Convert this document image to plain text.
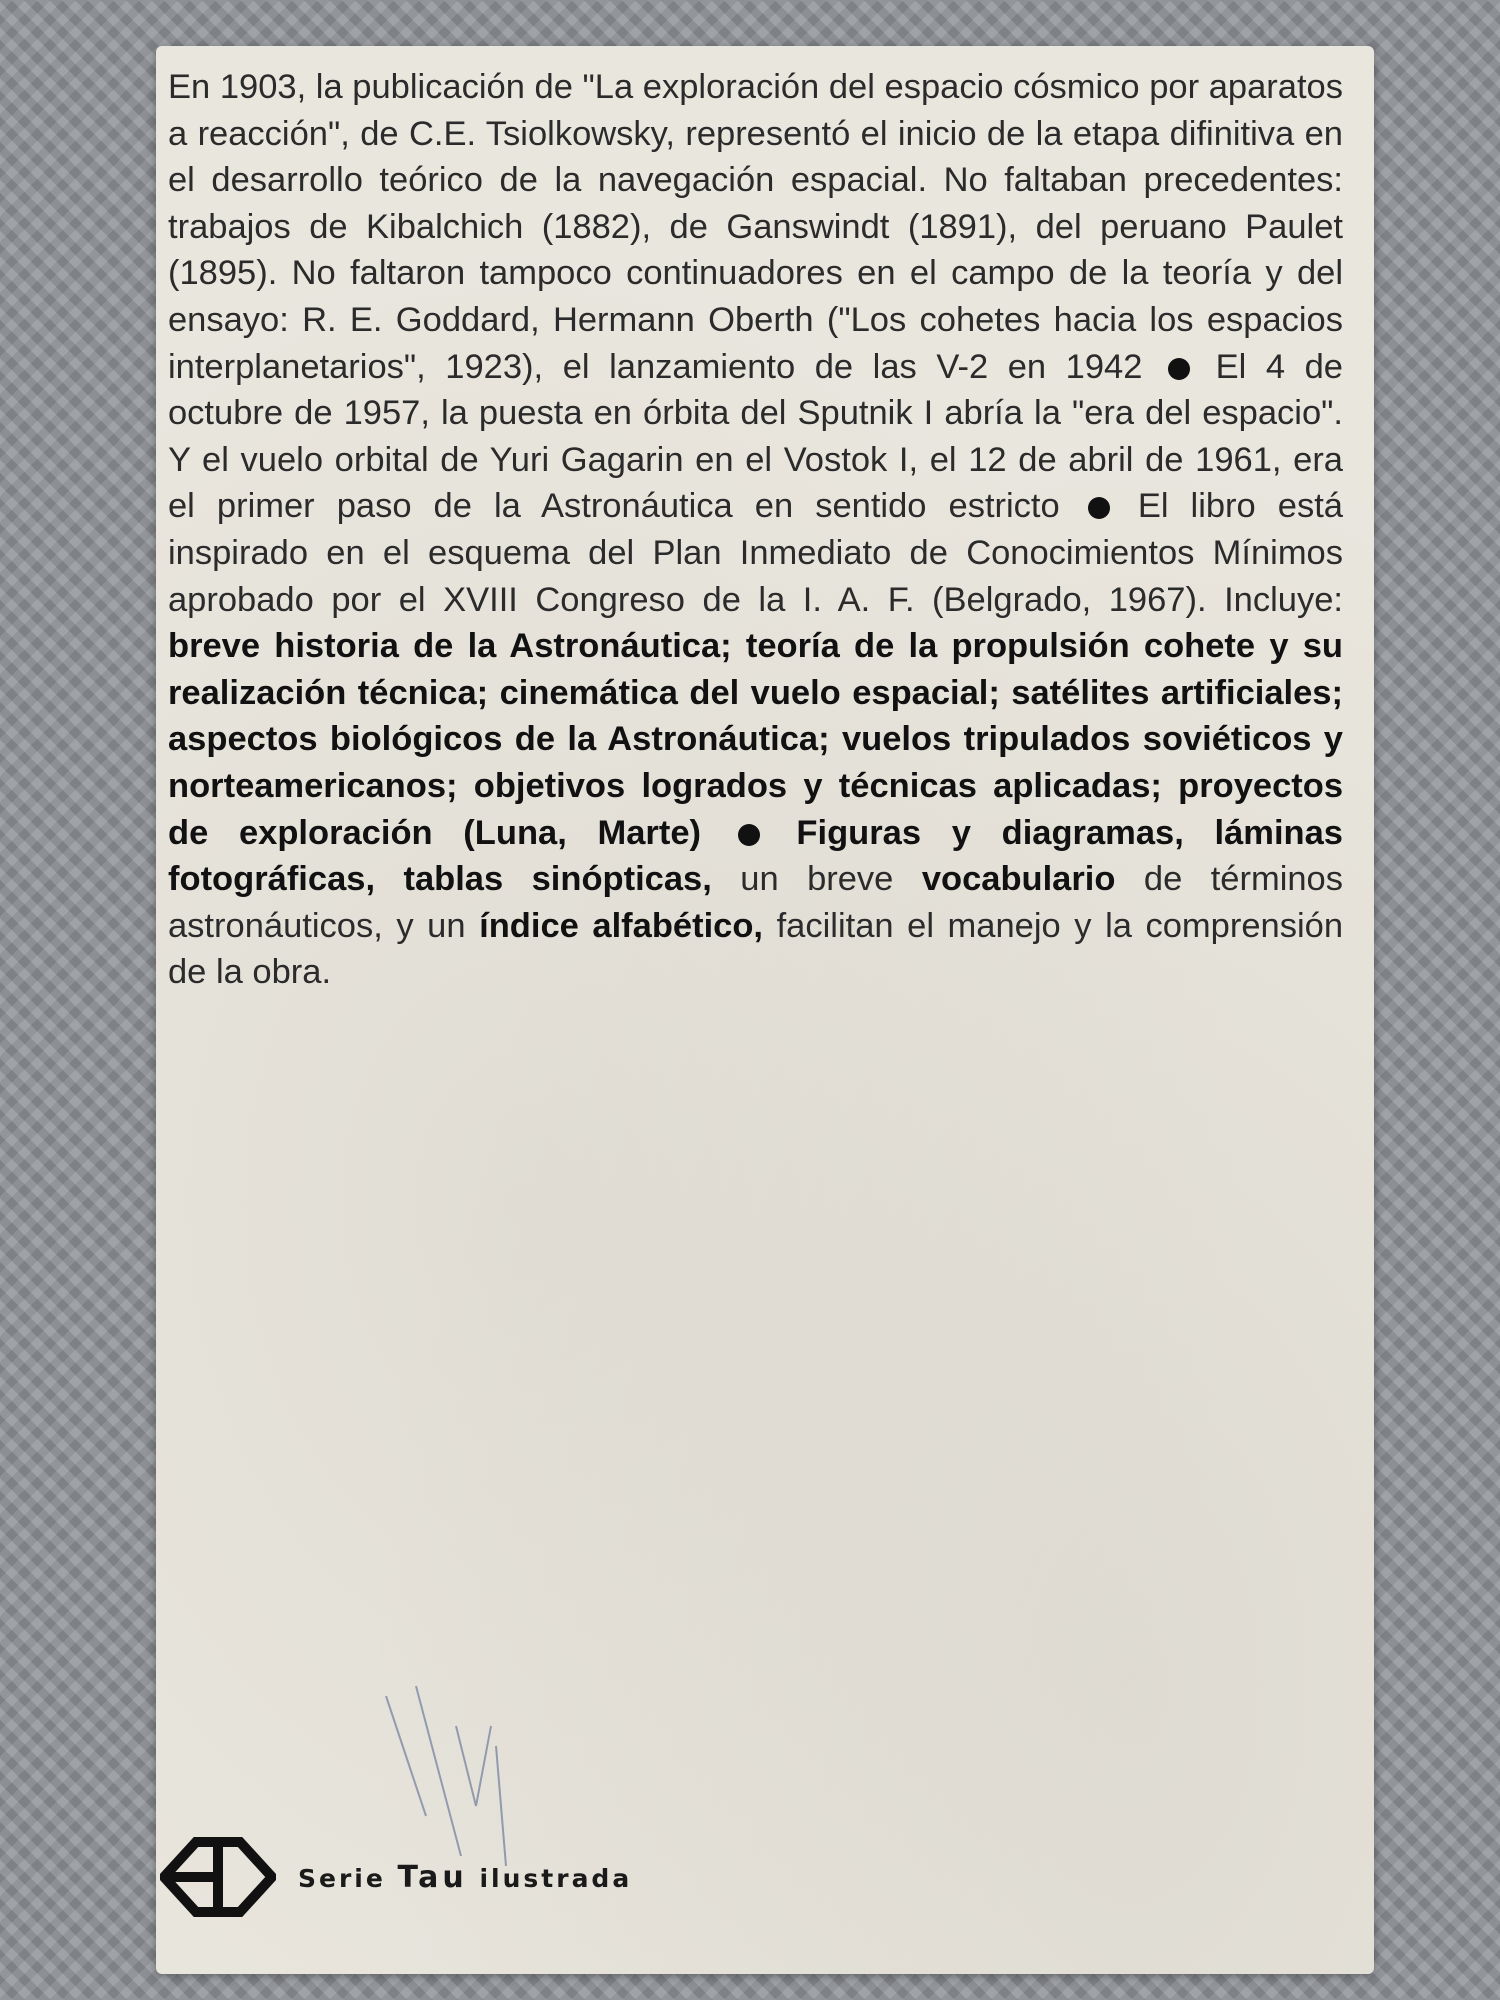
En 1903, la publicación de "La exploración del espacio cósmico por aparatos a reacción", de C.E. Tsiolkowsky, representó el inicio de la etapa difinitiva en el desarrollo teórico de la navegación espacial. No faltaban precedentes: trabajos de Kibalchich (1882), de Ganswindt (1891), del peruano Paulet (1895). No faltaron tampoco continuadores en el campo de la teoría y del ensayo: R. E. Goddard, Hermann Oberth ("Los cohetes hacia los espacios interplanetarios", 1923), el lanzamiento de las V-2 en 1942 El 4 de octubre de 1957, la puesta en órbita del Sputnik I abría la "era del espacio". Y el vuelo orbital de Yuri Gagarin en el Vostok I, el 12 de abril de 1961, era el primer paso de la Astronáutica en sentido estricto El libro está inspirado en el esquema del Plan Inmediato de Conocimientos Mínimos aprobado por el XVIII Congreso de la I. A. F. (Belgrado, 1967). Incluye: breve historia de la Astronáutica; teoría de la propulsión cohete y su realización técnica; cinemática del vuelo espacial; satélites artificiales; aspectos biológicos de la Astronáutica; vuelos tripulados soviéticos y norteamericanos; objetivos logrados y técnicas aplicadas; proyectos de exploración (Luna, Marte)	Figuras y diagramas, láminas fotográficas, tablas sinópticas, un breve vocabulario de términos astronáuticos, y un índice alfabético, facilitan el manejo y la comprensión de la obra.

Serie Tau ilustrada
